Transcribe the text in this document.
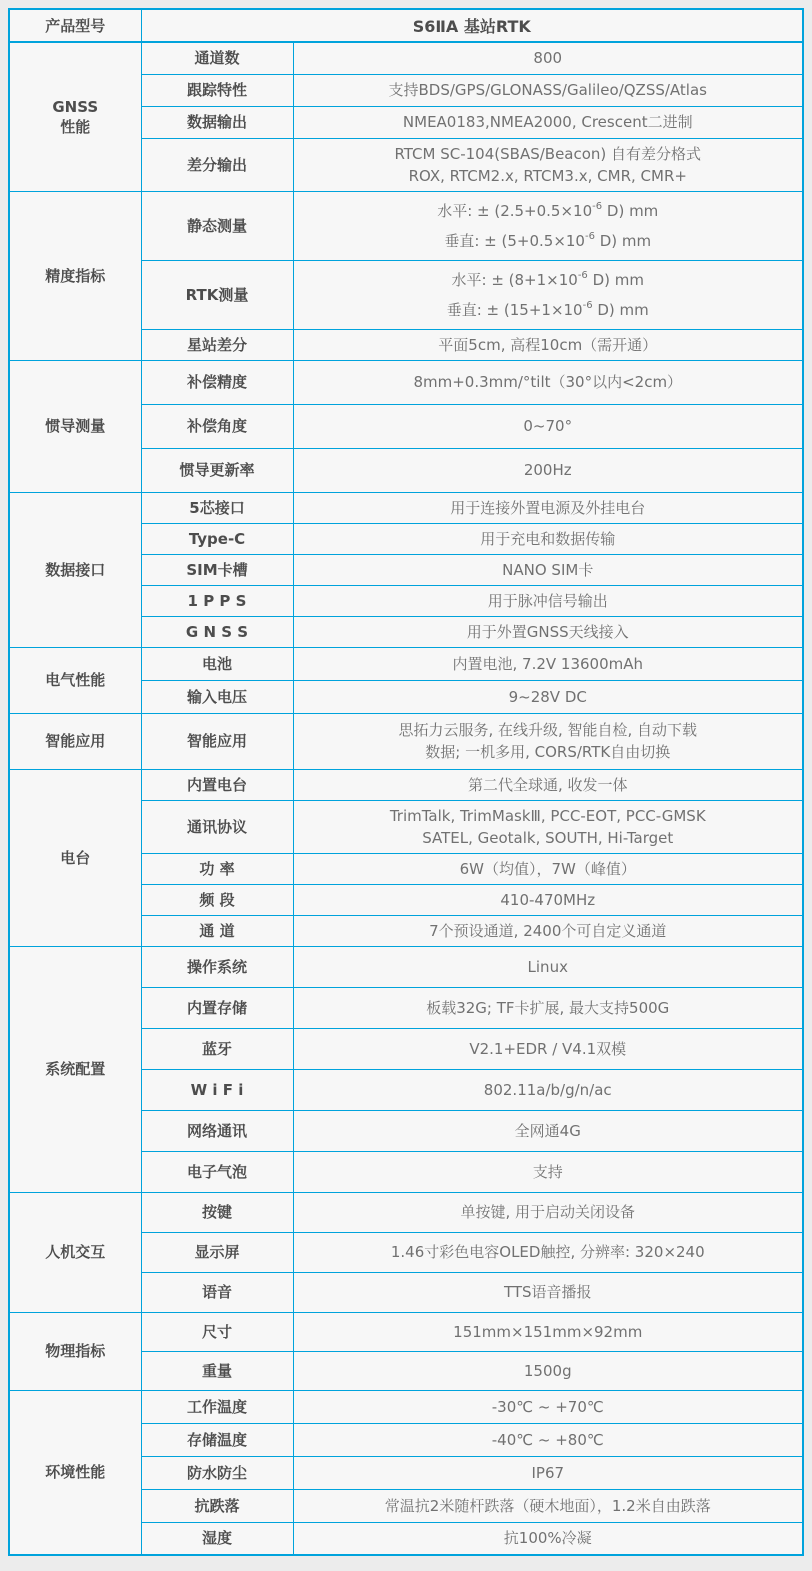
产品型号	S6ⅡA 基站RTK	

GNSS
性能	通道数	800

	跟踪特性	支持BDS/GPS/GLONASS/Galileo/QZSS/Atlas

	数据输出	NMEA0183,NMEA2000, Crescent二进制

	差分输出	RTCM SC-104(SBAS/Beacon) 自有差分格式
ROX, RTCM2.x, RTCM3.x, CMR, CMR+

精度指标	静态测量	水平: ± ($2.5+0.5\times 10^{-6}$ D) mm
垂直: ± ($5+0.5\times 10^{-6}$ D) mm

	RTK测量	水平: ± ($8+1\times 10^{-6}$ D) mm
垂直: ± ($15+1\times 10^{-6}$ D) mm

	星站差分	平面5cm, 高程10cm（需开通）

惯导测量	补偿精度	8mm+0.3mm/°tilt（30°以内<2cm）

	补偿角度	0~70°

	惯导更新率	200Hz

数据接口	5芯接口	用于连接外置电源及外挂电台

	Type-C	用于充电和数据传输

	SIM卡槽	NANO SIM卡

	1 P P S	用于脉冲信号输出

	G N S S	用于外置GNSS天线接入

电气性能	电池	内置电池, 7.2V 13600mAh

	输入电压	9~28V DC

智能应用	智能应用	思拓力云服务, 在线升级, 智能自检, 自动下载
数据; 一机多用, CORS/RTK自由切换

电台	内置电台	第二代全球通, 收发一体

	通讯协议	TrimTalk, TrimMaskⅢ, PCC-EOT, PCC-GMSK
SATEL, Geotalk, SOUTH, Hi-Target

	功 率	6W（均值），7W（峰值）

	频 段	410-470MHz

	通 道	7个预设通道, 2400个可自定义通道

系统配置	操作系统	Linux

	内置存储	板载32G; TF卡扩展, 最大支持500G

	蓝牙	V2.1+EDR / V4.1双模

	W i F i	802.11a/b/g/n/ac

	网络通讯	全网通4G

	电子气泡	支持

人机交互	按键	单按键, 用于启动关闭设备

	显示屏	1.46寸彩色电容OLED触控, 分辨率: 320×240

	语音	TTS语音播报

物理指标	尺寸	151mm×151mm×92mm

	重量	1500g

环境性能	工作温度	-30℃ ~ +70℃

	存储温度	-40℃ ~ +80℃

	防水防尘	IP67

	抗跌落	常温抗2米随杆跌落（硬木地面），1.2米自由跌落

	湿度	抗100%冷凝
